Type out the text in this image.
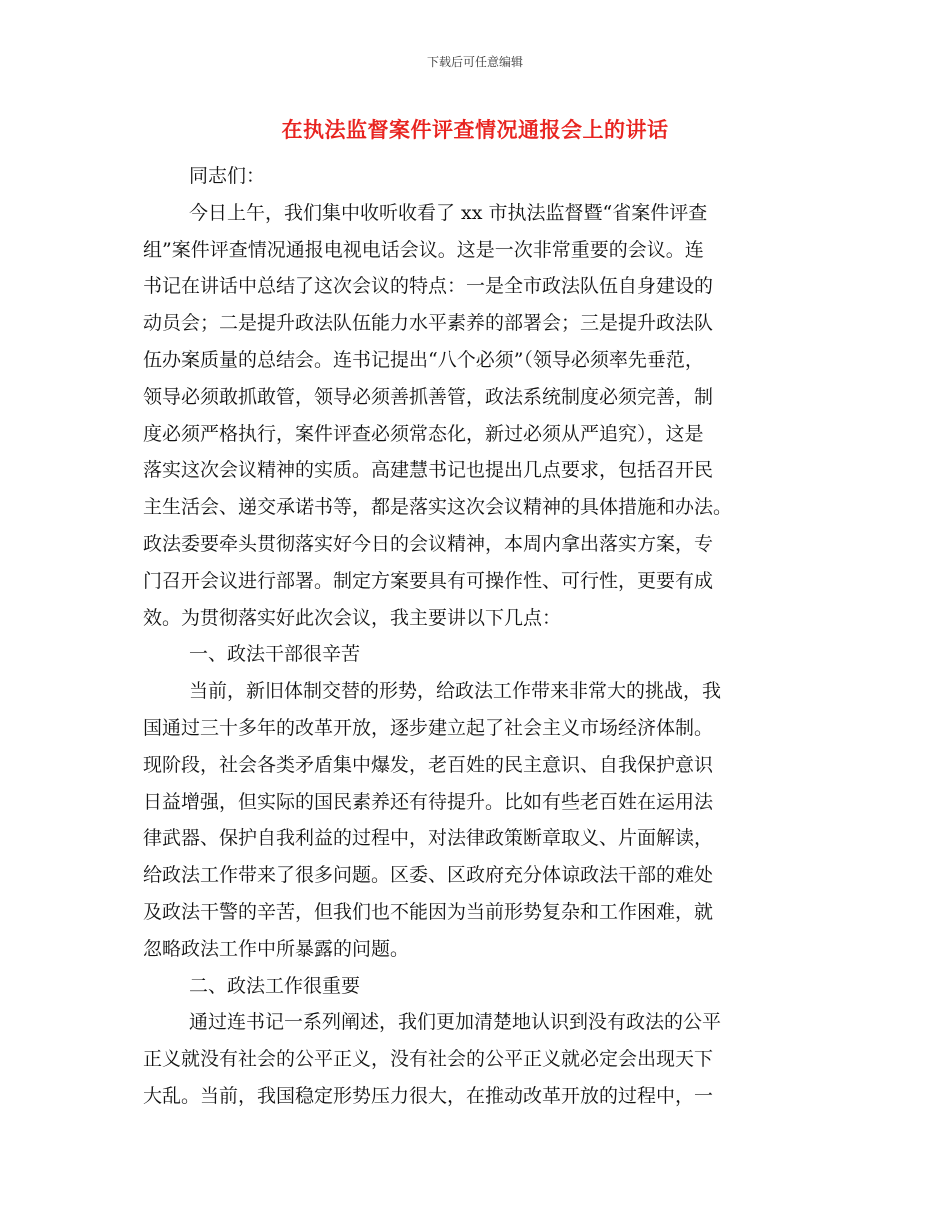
下载后可任意编辑
在执法监督案件评查情况通报会上的讲话
同志们：
今日上午，我们集中收听收看了 xx 市执法监督暨“省案件评查
组”案件评查情况通报电视电话会议。这是一次非常重要的会议。连
书记在讲话中总结了这次会议的特点：一是全市政法队伍自身建设的
动员会；二是提升政法队伍能力水平素养的部署会；三是提升政法队
伍办案质量的总结会。连书记提出“八个必须”（领导必须率先垂范，
领导必须敢抓敢管，领导必须善抓善管，政法系统制度必须完善，制
度必须严格执行，案件评查必须常态化，新过必须从严追究），这是
落实这次会议精神的实质。高建慧书记也提出几点要求，包括召开民
主生活会、递交承诺书等，都是落实这次会议精神的具体措施和办法。
政法委要牵头贯彻落实好今日的会议精神，本周内拿出落实方案，专
门召开会议进行部署。制定方案要具有可操作性、可行性，更要有成
效。为贯彻落实好此次会议，我主要讲以下几点：
一、政法干部很辛苦
当前，新旧体制交替的形势，给政法工作带来非常大的挑战，我
国通过三十多年的改革开放，逐步建立起了社会主义市场经济体制。
现阶段，社会各类矛盾集中爆发，老百姓的民主意识、自我保护意识
日益增强，但实际的国民素养还有待提升。比如有些老百姓在运用法
律武器、保护自我利益的过程中，对法律政策断章取义、片面解读，
给政法工作带来了很多问题。区委、区政府充分体谅政法干部的难处
及政法干警的辛苦，但我们也不能因为当前形势复杂和工作困难，就
忽略政法工作中所暴露的问题。
二、政法工作很重要
通过连书记一系列阐述，我们更加清楚地认识到没有政法的公平
正义就没有社会的公平正义，没有社会的公平正义就必定会出现天下
大乱。当前，我国稳定形势压力很大，在推动改革开放的过程中，一
